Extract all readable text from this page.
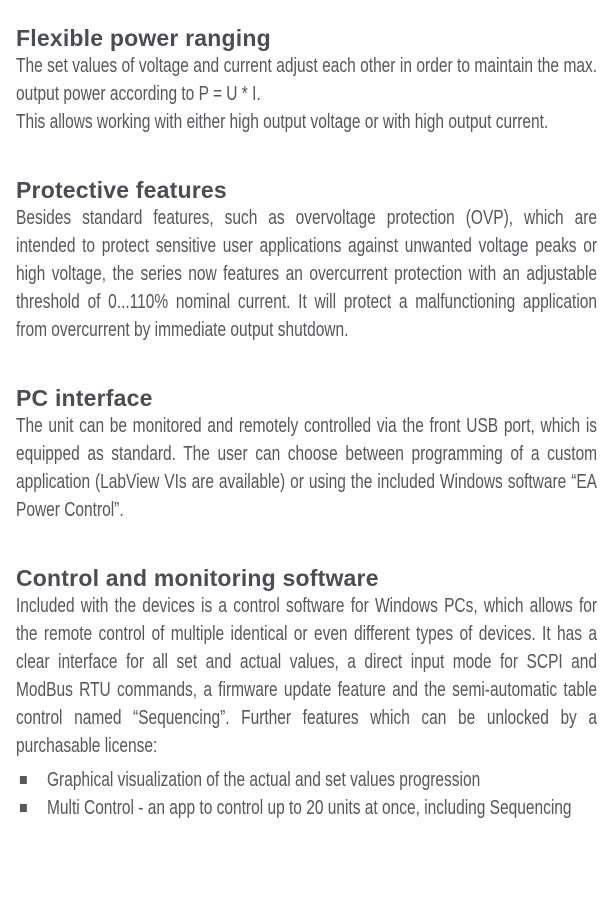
Flexible power ranging

The set values of voltage and current adjust each other in order to maintain the max. output power according to P = U * I.

This allows working with either high output voltage or with high output current.

Protective features

Besides standard features, such as overvoltage protection (OVP), which are intended to protect sensitive user applications against unwanted voltage peaks or high voltage, the series now features an overcurrent protection with an adjustable threshold of 0...110% nominal current. It will protect a malfunctioning application from overcurrent by immediate output shutdown.

PC interface

The unit can be monitored and remotely controlled via the front USB port, which is equipped as standard. The user can choose between programming of a custom application (LabView VIs are available) or using the included Windows software “EA Power Control”.

Control and monitoring software

Included with the devices is a control software for Windows PCs, which allows for the remote control of multiple identical or even different types of devices. It has a clear interface for all set and actual values, a direct input mode for SCPI and ModBus RTU commands, a firmware update feature and the semi-automatic table control named “Sequencing”. Further features which can be unlocked by a purchasable license:

Graphical visualization of the actual and set values progression
Multi Control - an app to control up to 20 units at once, including Sequencing
